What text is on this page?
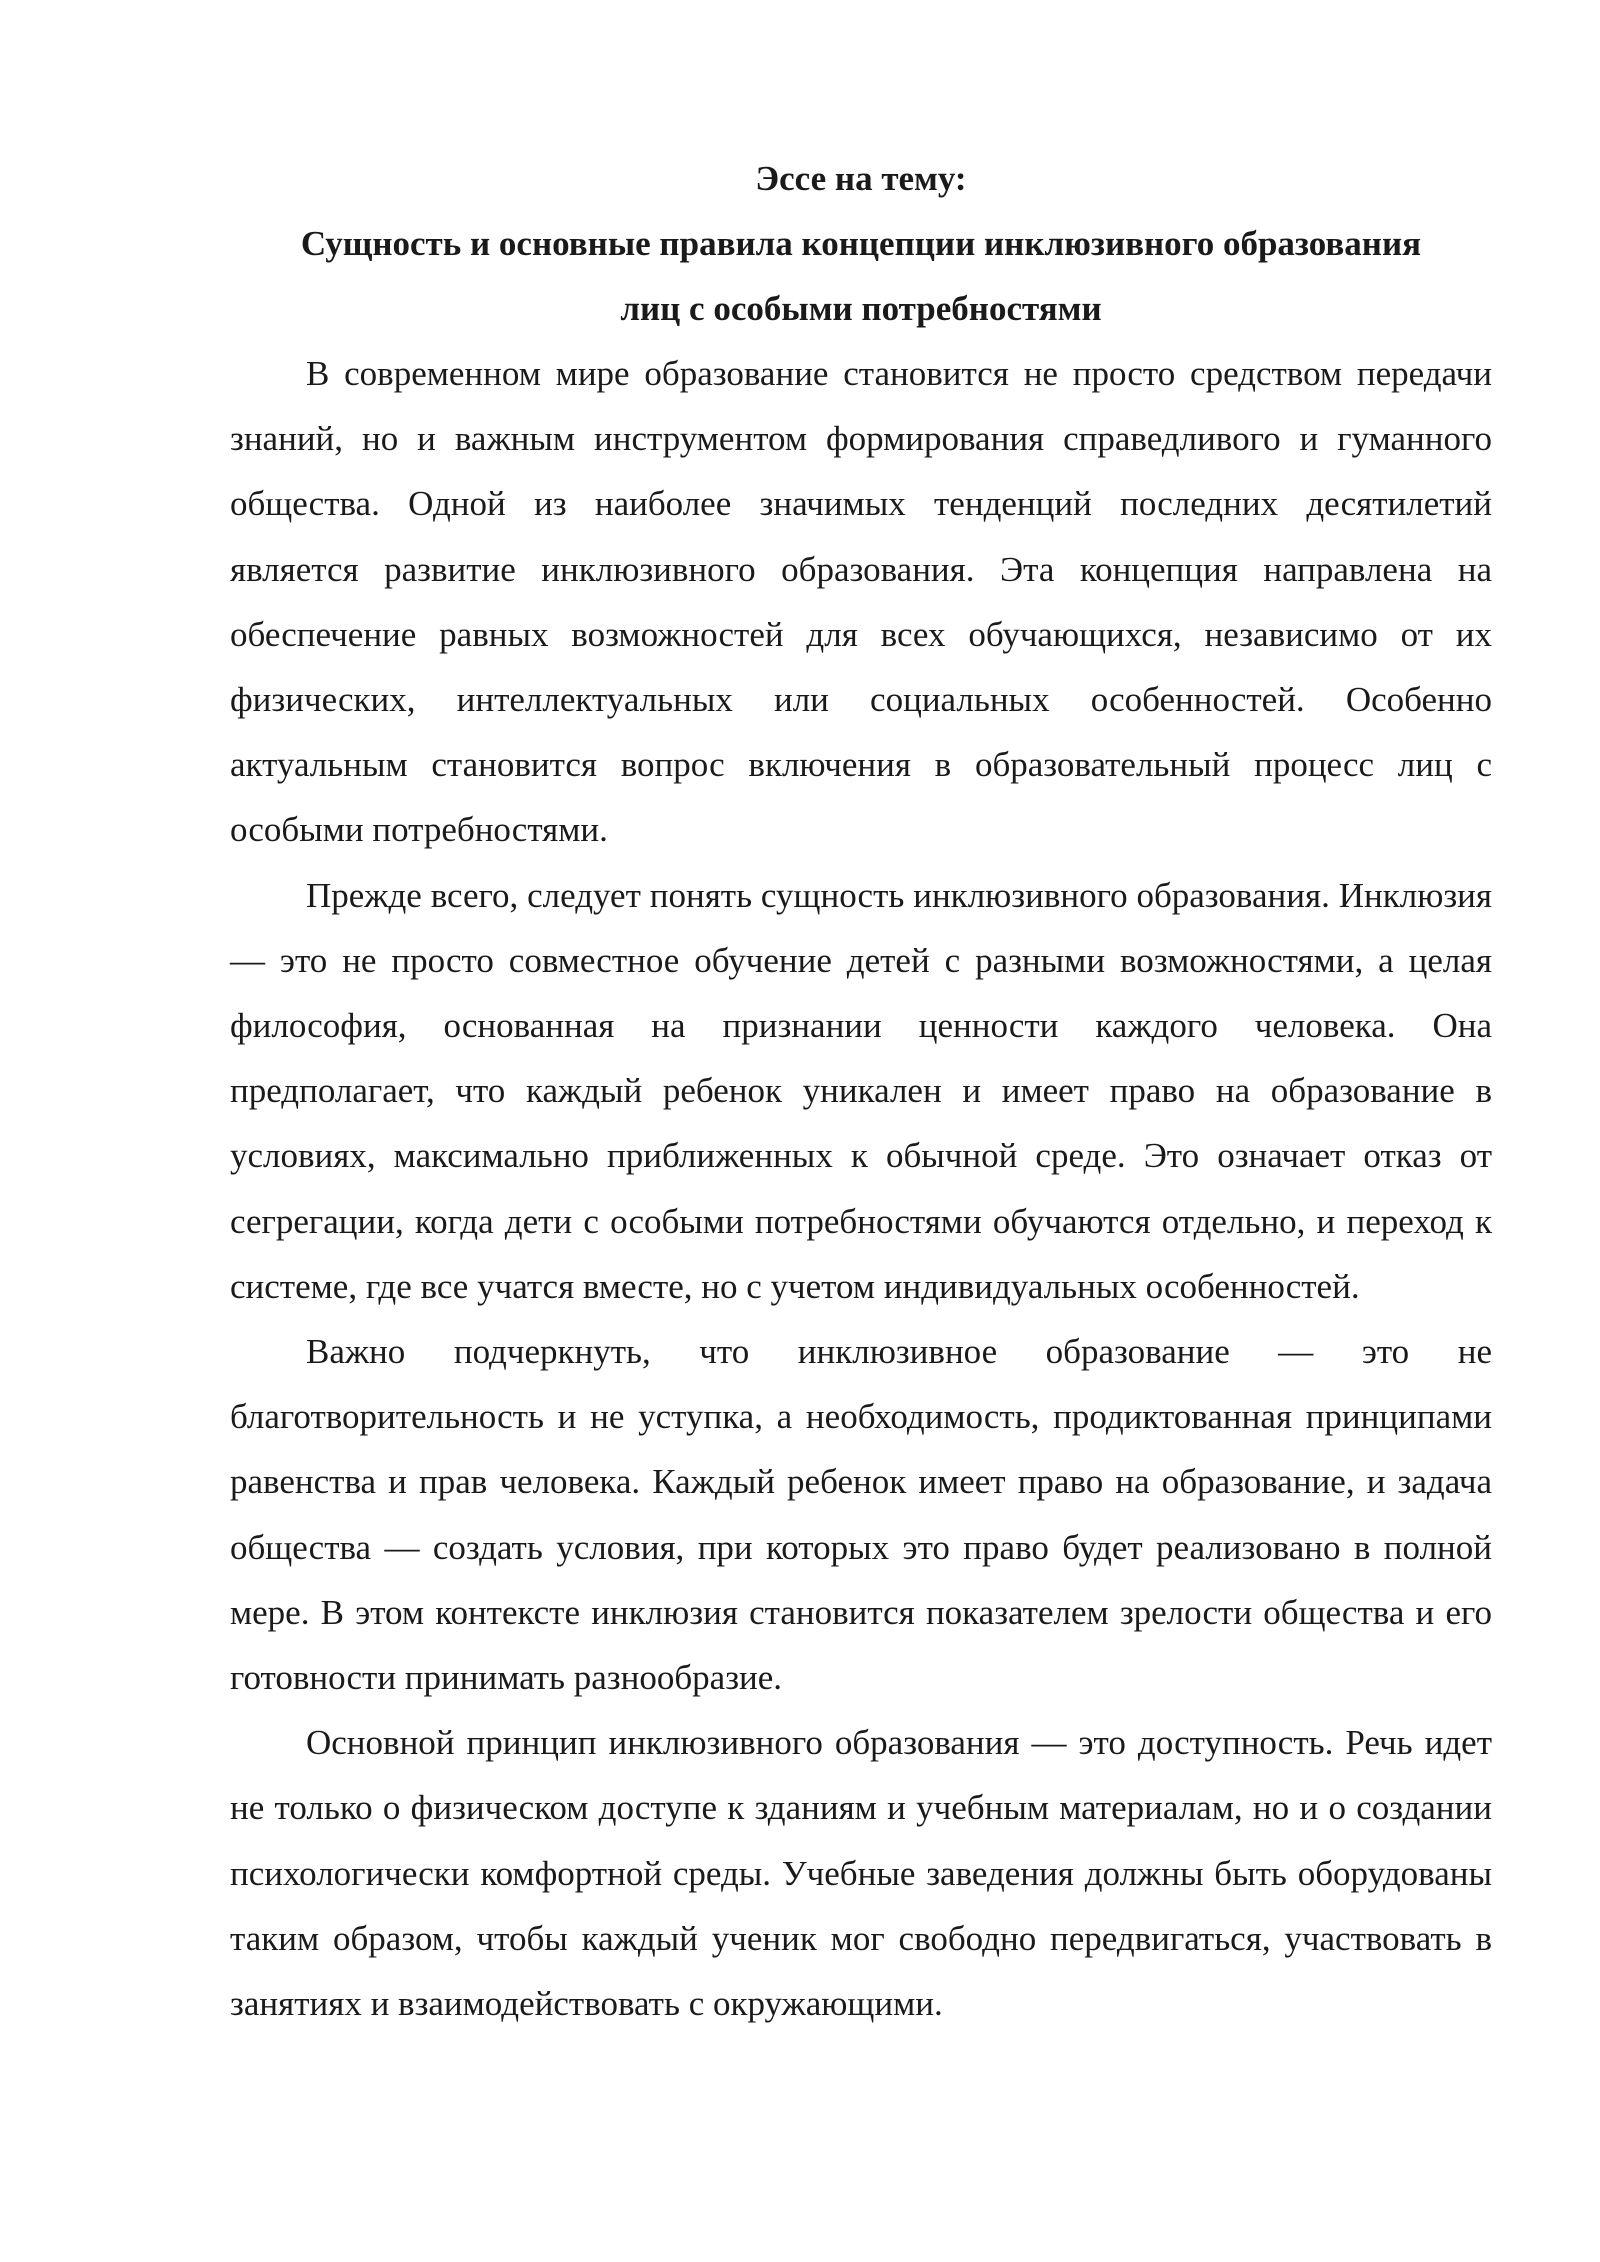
Эссе на тему:

Сущность и основные правила концепции инклюзивного образования

лиц с особыми потребностями

В современном мире образование становится не просто средством передачи знаний, но и важным инструментом формирования справедливого и гуманного общества. Одной из наиболее значимых тенденций последних десятилетий является развитие инклюзивного образования. Эта концепция направлена на обеспечение равных возможностей для всех обучающихся, независимо от их физических, интеллектуальных или социальных особенностей. Особенно актуальным становится вопрос включения в образовательный процесс лиц с особыми потребностями.

Прежде всего, следует понять сущность инклюзивного образования. Инклюзия — это не просто совместное обучение детей с разными возможностями, а целая философия, основанная на признании ценности каждого человека. Она предполагает, что каждый ребенок уникален и имеет право на образование в условиях, максимально приближенных к обычной среде. Это означает отказ от сегрегации, когда дети с особыми потребностями обучаются отдельно, и переход к системе, где все учатся вместе, но с учетом индивидуальных особенностей.

Важно подчеркнуть, что инклюзивное образование — это не благотворительность и не уступка, а необходимость, продиктованная принципами равенства и прав человека. Каждый ребенок имеет право на образование, и задача общества — создать условия, при которых это право будет реализовано в полной мере. В этом контексте инклюзия становится показателем зрелости общества и его готовности принимать разнообразие.

Основной принцип инклюзивного образования — это доступность. Речь идет не только о физическом доступе к зданиям и учебным материалам, но и о создании психологически комфортной среды. Учебные заведения должны быть оборудованы таким образом, чтобы каждый ученик мог свободно передвигаться, участвовать в занятиях и взаимодействовать с окружающими.
